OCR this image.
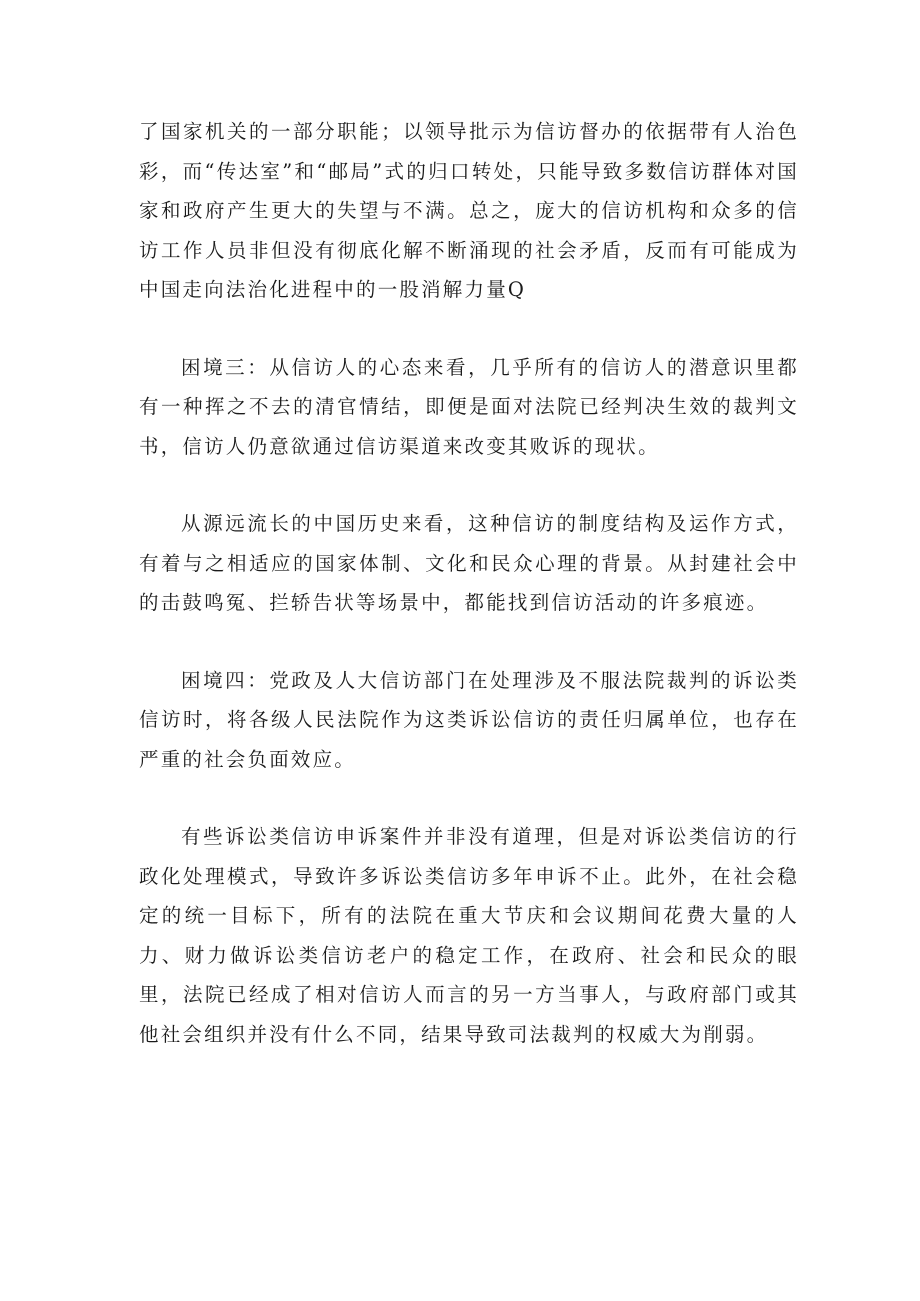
了国家机关的一部分职能；以领导批示为信访督办的依据带有人治色彩，而“传达室”和“邮局”式的归口转处，只能导致多数信访群体对国家和政府产生更大的失望与不满。总之，庞大的信访机构和众多的信访工作人员非但没有彻底化解不断涌现的社会矛盾，反而有可能成为中国走向法治化进程中的一股消解力量Q

困境三：从信访人的心态来看，几乎所有的信访人的潜意识里都有一种挥之不去的清官情结，即便是面对法院已经判决生效的裁判文书，信访人仍意欲通过信访渠道来改变其败诉的现状。

从源远流长的中国历史来看，这种信访的制度结构及运作方式，有着与之相适应的国家体制、文化和民众心理的背景。从封建社会中的击鼓鸣冤、拦轿告状等场景中，都能找到信访活动的许多痕迹。

困境四：党政及人大信访部门在处理涉及不服法院裁判的诉讼类信访时，将各级人民法院作为这类诉讼信访的责任归属单位，也存在严重的社会负面效应。

有些诉讼类信访申诉案件并非没有道理，但是对诉讼类信访的行政化处理模式，导致许多诉讼类信访多年申诉不止。此外，在社会稳定的统一目标下，所有的法院在重大节庆和会议期间花费大量的人力、财力做诉讼类信访老户的稳定工作，在政府、社会和民众的眼里，法院已经成了相对信访人而言的另一方当事人，与政府部门或其他社会组织并没有什么不同，结果导致司法裁判的权威大为削弱。
